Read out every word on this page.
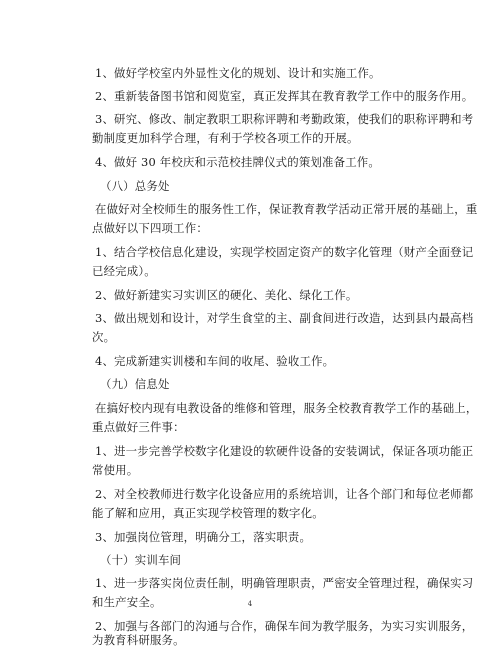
1、做好学校室内外显性文化的规划、设计和实施工作。
2、重新装备图书馆和阅览室，真正发挥其在教育教学工作中的服务作用。
3、研究、修改、制定教职工职称评聘和考勤政策，使我们的职称评聘和考
勤制度更加科学合理，有利于学校各项工作的开展。
4、做好 30 年校庆和示范校挂牌仪式的策划准备工作。
（八）总务处
在做好对全校师生的服务性工作，保证教育教学活动正常开展的基础上，重
点做好以下四项工作：
1、结合学校信息化建设，实现学校固定资产的数字化管理（财产全面登记
已经完成）。
2、做好新建实习实训区的硬化、美化、绿化工作。
3、做出规划和设计，对学生食堂的主、副食间进行改造，达到县内最高档
次。
4、完成新建实训楼和车间的收尾、验收工作。
（九）信息处
在搞好校内现有电教设备的维修和管理，服务全校教育教学工作的基础上，
重点做好三件事：
1、进一步完善学校数字化建设的软硬件设备的安装调试，保证各项功能正
常使用。
2、对全校教师进行数字化设备应用的系统培训，让各个部门和每位老师都
能了解和应用，真正实现学校管理的数字化。
3、加强岗位管理，明确分工，落实职责。
（十）实训车间
1、进一步落实岗位责任制，明确管理职责，严密安全管理过程，确保实习
和生产安全。
2、加强与各部门的沟通与合作，确保车间为教学服务，为实习实训服务，
为教育科研服务。
4
